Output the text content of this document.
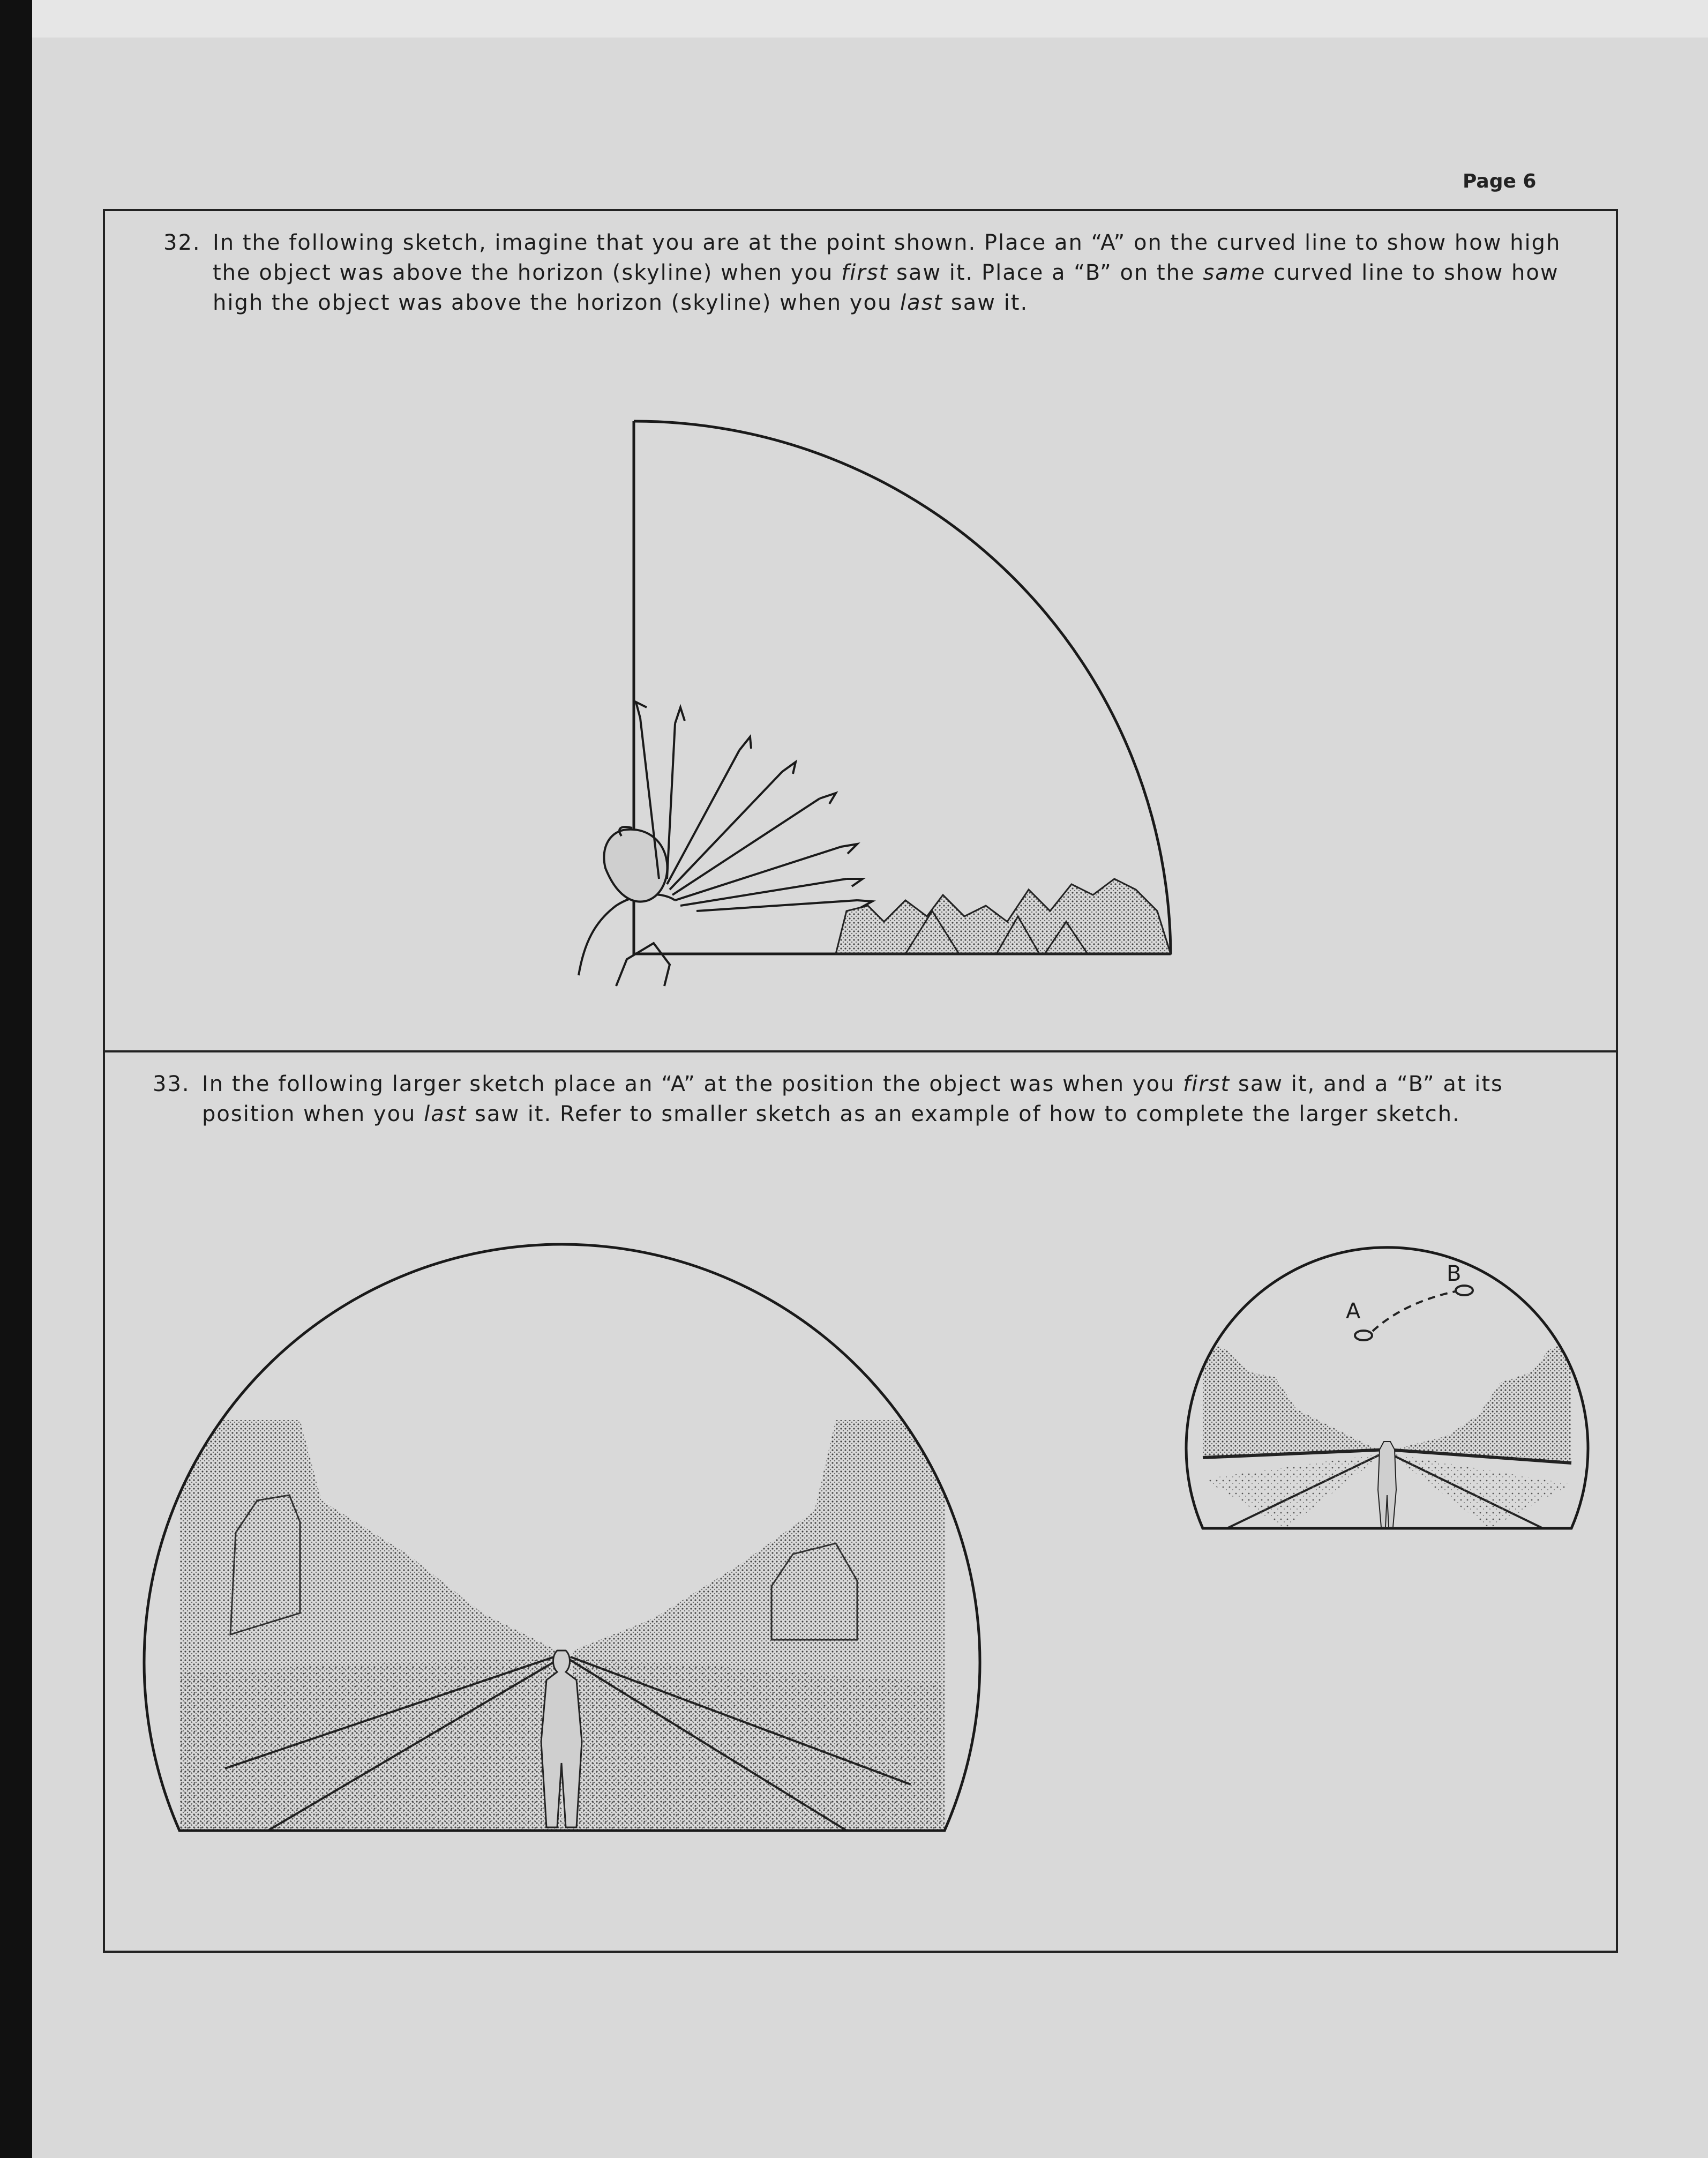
Page 6
32. In the following sketch, imagine that you are at the point shown. Place an “A” on the curved line to show how high the object was above the horizon (skyline) when you first saw it. Place a “B” on the same curved line to show how high the object was above the horizon (skyline) when you last saw it.
33. In the following larger sketch place an “A” at the position the object was when you first saw it, and a “B” at its position when you last saw it. Refer to smaller sketch as an example of how to complete the larger sketch.
A
B
